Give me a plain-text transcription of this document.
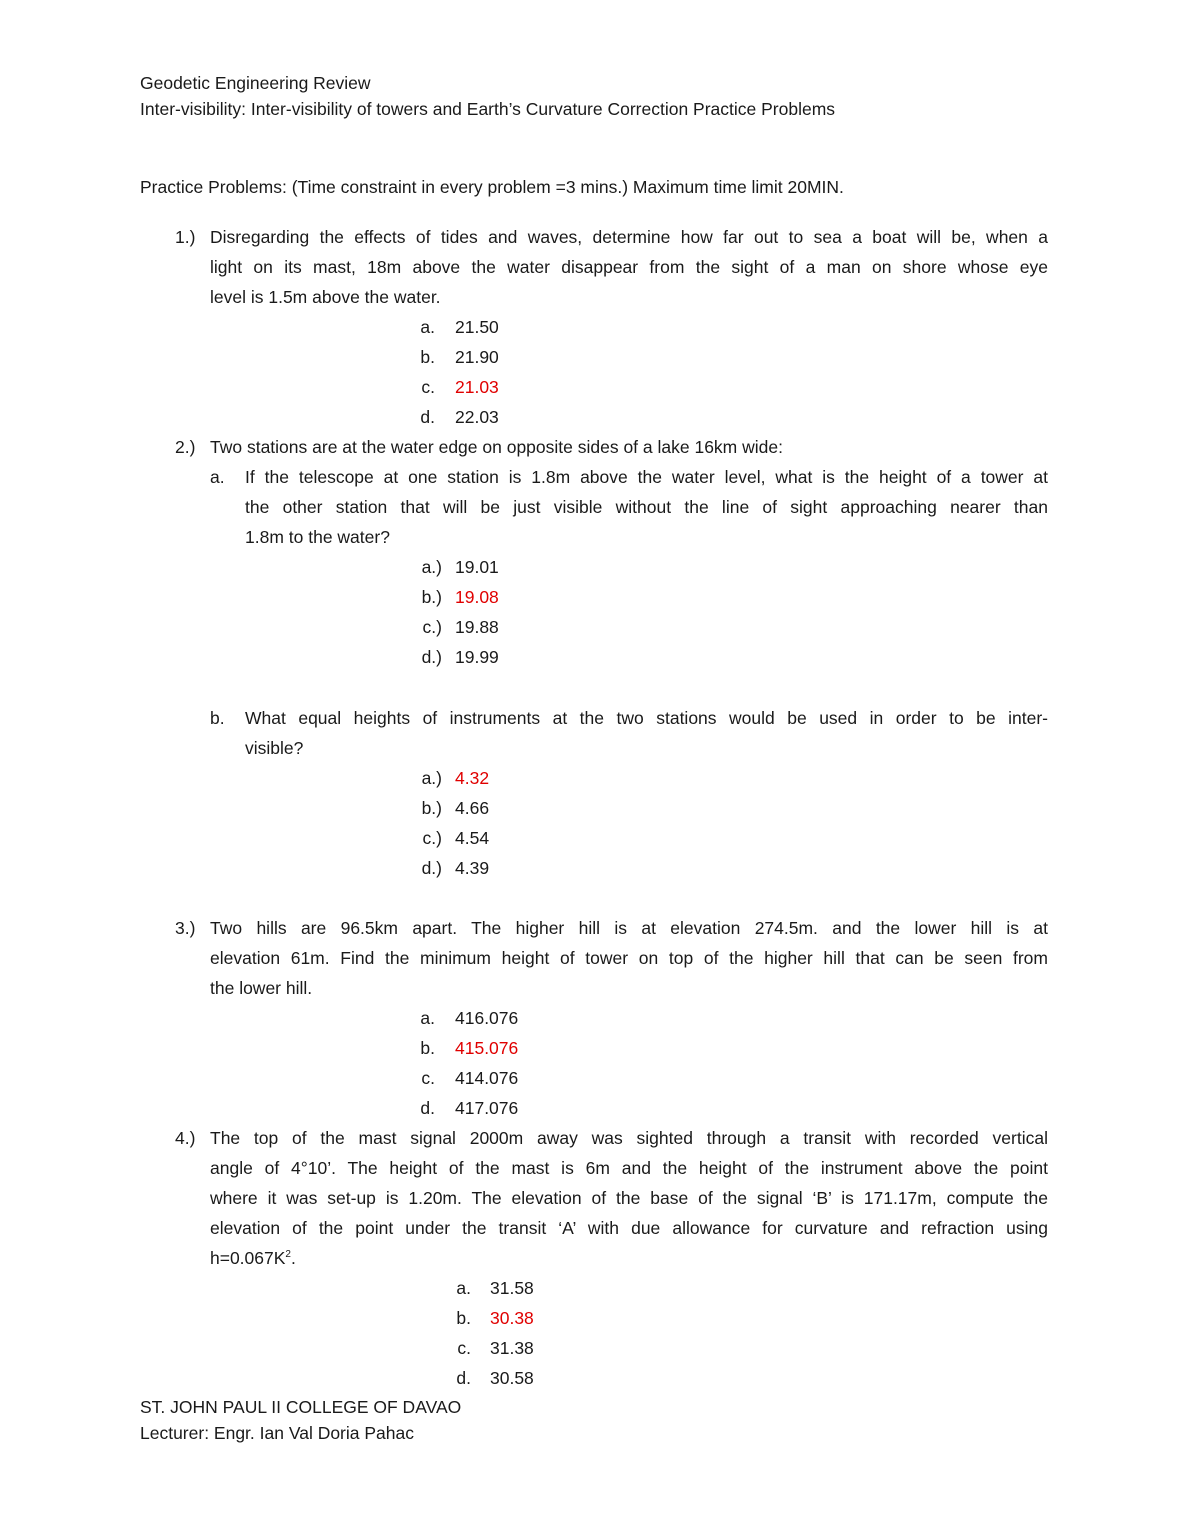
Geodetic Engineering Review
Inter-visibility: Inter-visibility of towers and Earth’s Curvature Correction Practice Problems
Practice Problems: (Time constraint in every problem =3 mins.) Maximum time limit 20MIN.
1.) Disregarding the effects of tides and waves, determine how far out to sea a boat will be, when a
light on its mast, 18m above the water disappear from the sight of a man on shore whose eye
level is 1.5m above the water.
a. 21.50
b. 21.90
c. 21.03
d. 22.03
2.) Two stations are at the water edge on opposite sides of a lake 16km wide:
a. If the telescope at one station is 1.8m above the water level, what is the height of a tower at
the other station that will be just visible without the line of sight approaching nearer than
1.8m to the water?
a.) 19.01
b.) 19.08
c.) 19.88
d.) 19.99
b. What equal heights of instruments at the two stations would be used in order to be inter-
visible?
a.) 4.32
b.) 4.66
c.) 4.54
d.) 4.39
3.) Two hills are 96.5km apart. The higher hill is at elevation 274.5m. and the lower hill is at
elevation 61m. Find the minimum height of tower on top of the higher hill that can be seen from
the lower hill.
a. 416.076
b. 415.076
c. 414.076
d. 417.076
4.) The top of the mast signal 2000m away was sighted through a transit with recorded vertical
angle of 4°10’. The height of the mast is 6m and the height of the instrument above the point
where it was set-up is 1.20m. The elevation of the base of the signal ‘B’ is 171.17m, compute the
elevation of the point under the transit ‘A’ with due allowance for curvature and refraction using
$h=0.067K^2$.
a. 31.58
b. 30.38
c. 31.38
d. 30.58
ST. JOHN PAUL II COLLEGE OF DAVAO
Lecturer: Engr. Ian Val Doria Pahac
